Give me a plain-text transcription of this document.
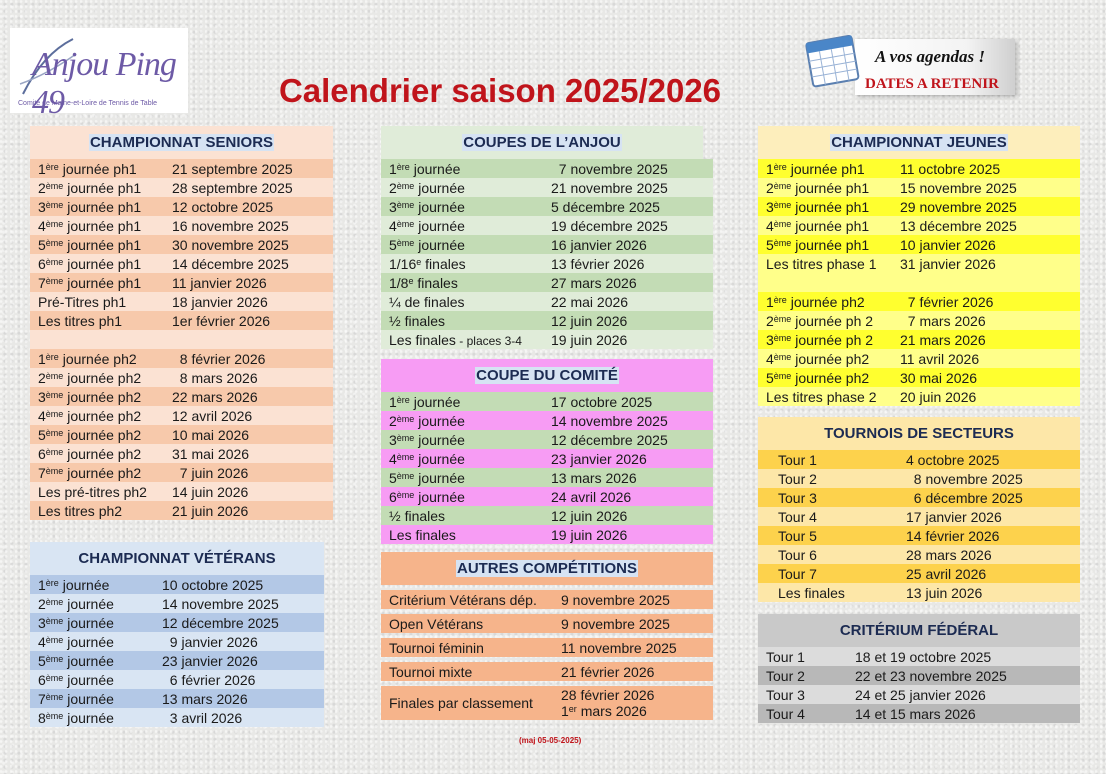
Anjou Ping 49
Comité de Maine-et-Loire de Tennis de Table	Calendrier saison 2025/2026
A vos agendas !
DATES A RETENIR
CHAMPIONNAT SENIORS
1ère journée ph1	21 septembre 2025
2ème journée ph1	28 septembre 2025
3ème journée ph1	12 octobre 2025
4ème journée ph1	16 novembre 2025
5ème journée ph1	30 novembre 2025
6ème journée ph1	14 décembre 2025
7ème journée ph1	11 janvier 2026
Pré-Titres ph1	18 janvier 2026
Les titres ph1	1er février 2026
1ère journée ph2	8 février 2026
2ème journée ph2	8 mars 2026
3ème journée ph2	22 mars 2026
4ème journée ph2	12 avril 2026
5ème journée ph2	10 mai 2026
6ème journée ph2	31 mai 2026
7ème journée ph2	7 juin 2026
Les pré-titres ph2	14 juin 2026
Les titres ph2	21 juin 2026
CHAMPIONNAT VÉTÉRANS
1ère journée	10 octobre 2025
2ème journée	14 novembre 2025
3ème journée	12 décembre 2025
4ème journée	9 janvier 2026
5ème journée	23 janvier 2026
6ème journée	6 février 2026
7ème journée	13 mars 2026
8ème journée	3 avril 2026
COUPES DE L’ANJOU
1ère journée	7 novembre 2025
2ème journée	21 novembre 2025
3ème journée	5 décembre 2025
4ème journée	19 décembre 2025
5ème journée	16 janvier 2026
1/16e finales	13 février 2026
1/8e finales	27 mars 2026
¼ de finales	22 mai 2026
½ finales	12 juin 2026
Les finales - places 3-4	19 juin 2026
COUPE DU COMITÉ
1ère journée	17 octobre 2025
2ème journée	14 novembre 2025
3ème journée	12 décembre 2025
4ème journée	23 janvier 2026
5ème journée	13 mars 2026
6ème journée	24 avril 2026
½ finales	12 juin 2026
Les finales	19 juin 2026
AUTRES COMPÉTITIONS
Critérium Vétérans dép.	9 novembre 2025
Open Vétérans	9 novembre 2025
Tournoi féminin	11 novembre 2025
Tournoi mixte	21 février 2026
Finales par classement	28 février 2026
1er mars 2026
CHAMPIONNAT JEUNES
1ère journée ph1	11 octobre 2025
2ème journée ph1	15 novembre 2025
3ème journée ph1	29 novembre 2025
4ème journée ph1	13 décembre 2025
5ème journée ph1	10 janvier 2026
Les titres phase 1	31 janvier 2026
1ère journée ph2	7 février 2026
2ème journée ph 2	7 mars 2026
3ème journée ph 2	21 mars 2026
4ème journée ph2	11 avril 2026
5ème journée ph2	30 mai 2026
Les titres phase 2	20 juin 2026
TOURNOIS DE SECTEURS
Tour 1	4 octobre 2025
Tour 2	8 novembre 2025
Tour 3	6 décembre 2025
Tour 4	17 janvier 2026
Tour 5	14 février 2026
Tour 6	28 mars 2026
Tour 7	25 avril 2026
Les finales	13 juin 2026
CRITÉRIUM FÉDÉRAL
Tour 1	18 et 19 octobre 2025
Tour 2	22 et 23 novembre 2025
Tour 3	24 et 25 janvier 2026
Tour 4	14 et 15 mars 2026
(maj 05-05-2025)
